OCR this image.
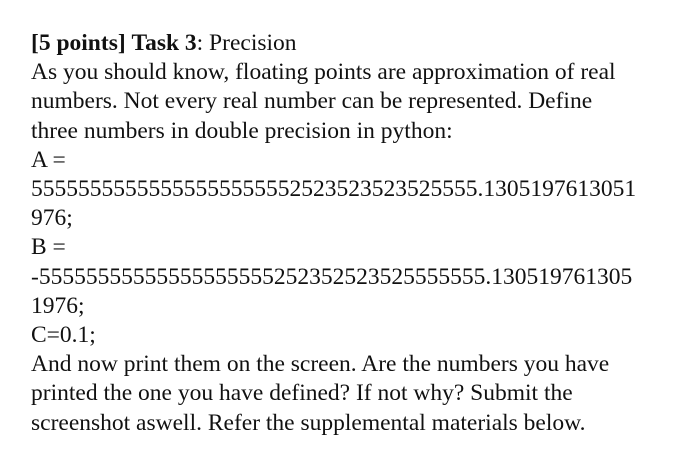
[5 points] Task 3: Precision
As you should know, floating points are approximation of real
numbers. Not every real number can be represented. Define
three numbers in double precision in python:
A =
55555555555555555555552523523523525555.1305197613051
976;
B =
-55555555555555555555252352523525555555.130519761305
1976;
C=0.1;
And now print them on the screen. Are the numbers you have
printed the one you have defined? If not why? Submit the
screenshot aswell. Refer the supplemental materials below.
